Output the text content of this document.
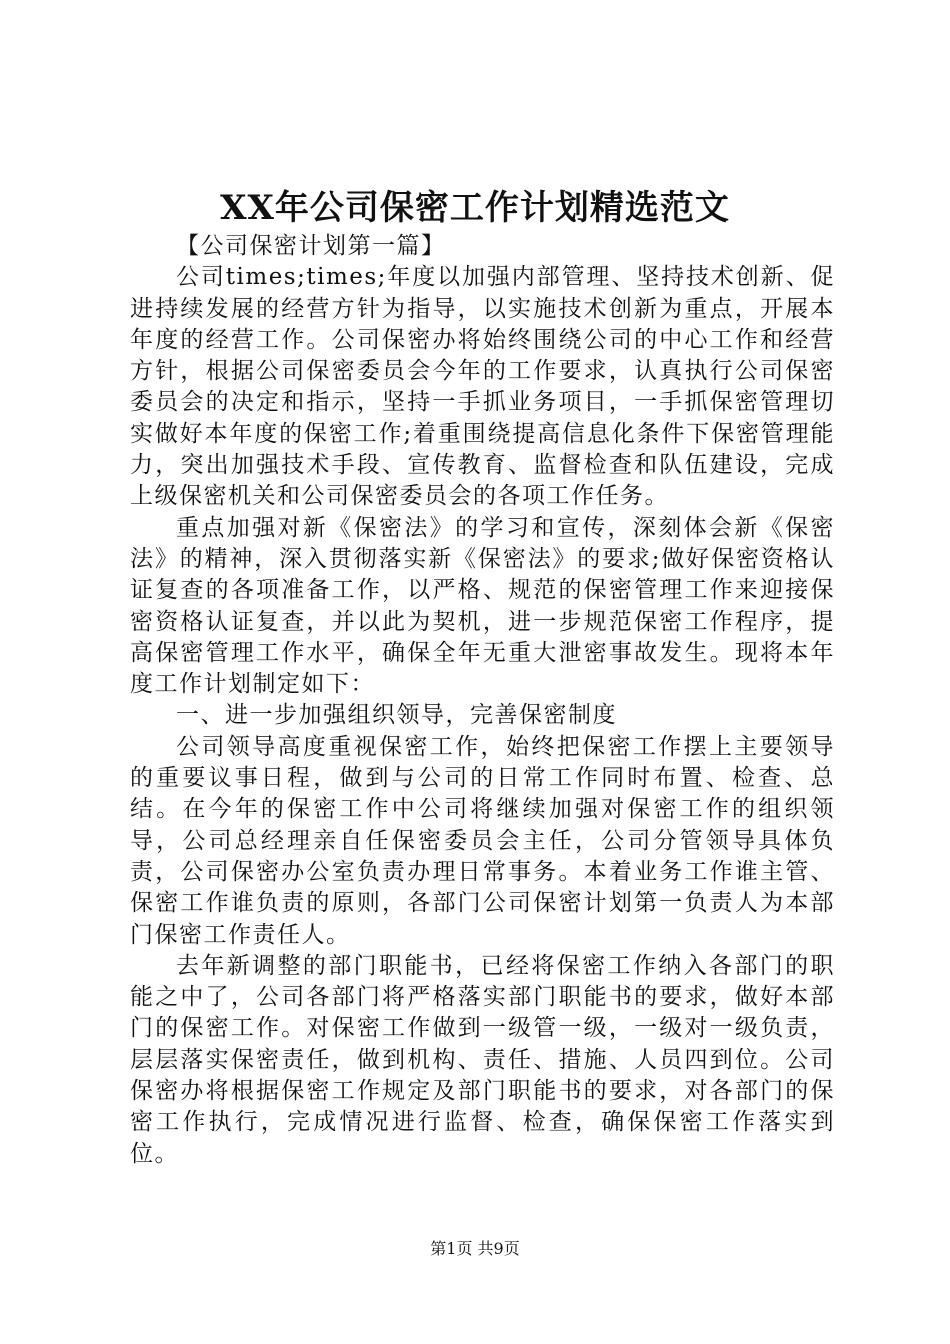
XX年公司保密工作计划精选范文

【公司保密计划第一篇】

公司times;times;年度以加强内部管理、坚持技术创新、促进持续发展的经营方针为指导，以实施技术创新为重点，开展本年度的经营工作。公司保密办将始终围绕公司的中心工作和经营方针，根据公司保密委员会今年的工作要求，认真执行公司保密委员会的决定和指示，坚持一手抓业务项目，一手抓保密管理切实做好本年度的保密工作;着重围绕提高信息化条件下保密管理能力，突出加强技术手段、宣传教育、监督检查和队伍建设，完成上级保密机关和公司保密委员会的各项工作任务。

重点加强对新《保密法》的学习和宣传，深刻体会新《保密法》的精神，深入贯彻落实新《保密法》的要求;做好保密资格认证复查的各项准备工作，以严格、规范的保密管理工作来迎接保密资格认证复查，并以此为契机，进一步规范保密工作程序，提高保密管理工作水平，确保全年无重大泄密事故发生。现将本年度工作计划制定如下：

一、进一步加强组织领导，完善保密制度

公司领导高度重视保密工作，始终把保密工作摆上主要领导的重要议事日程，做到与公司的日常工作同时布置、检查、总结。在今年的保密工作中公司将继续加强对保密工作的组织领导，公司总经理亲自任保密委员会主任，公司分管领导具体负责，公司保密办公室负责办理日常事务。本着业务工作谁主管、保密工作谁负责的原则，各部门公司保密计划第一负责人为本部门保密工作责任人。

去年新调整的部门职能书，已经将保密工作纳入各部门的职能之中了，公司各部门将严格落实部门职能书的要求，做好本部门的保密工作。对保密工作做到一级管一级，一级对一级负责，层层落实保密责任，做到机构、责任、措施、人员四到位。公司保密办将根据保密工作规定及部门职能书的要求，对各部门的保密工作执行，完成情况进行监督、检查，确保保密工作落实到位。

第1页 共9页
